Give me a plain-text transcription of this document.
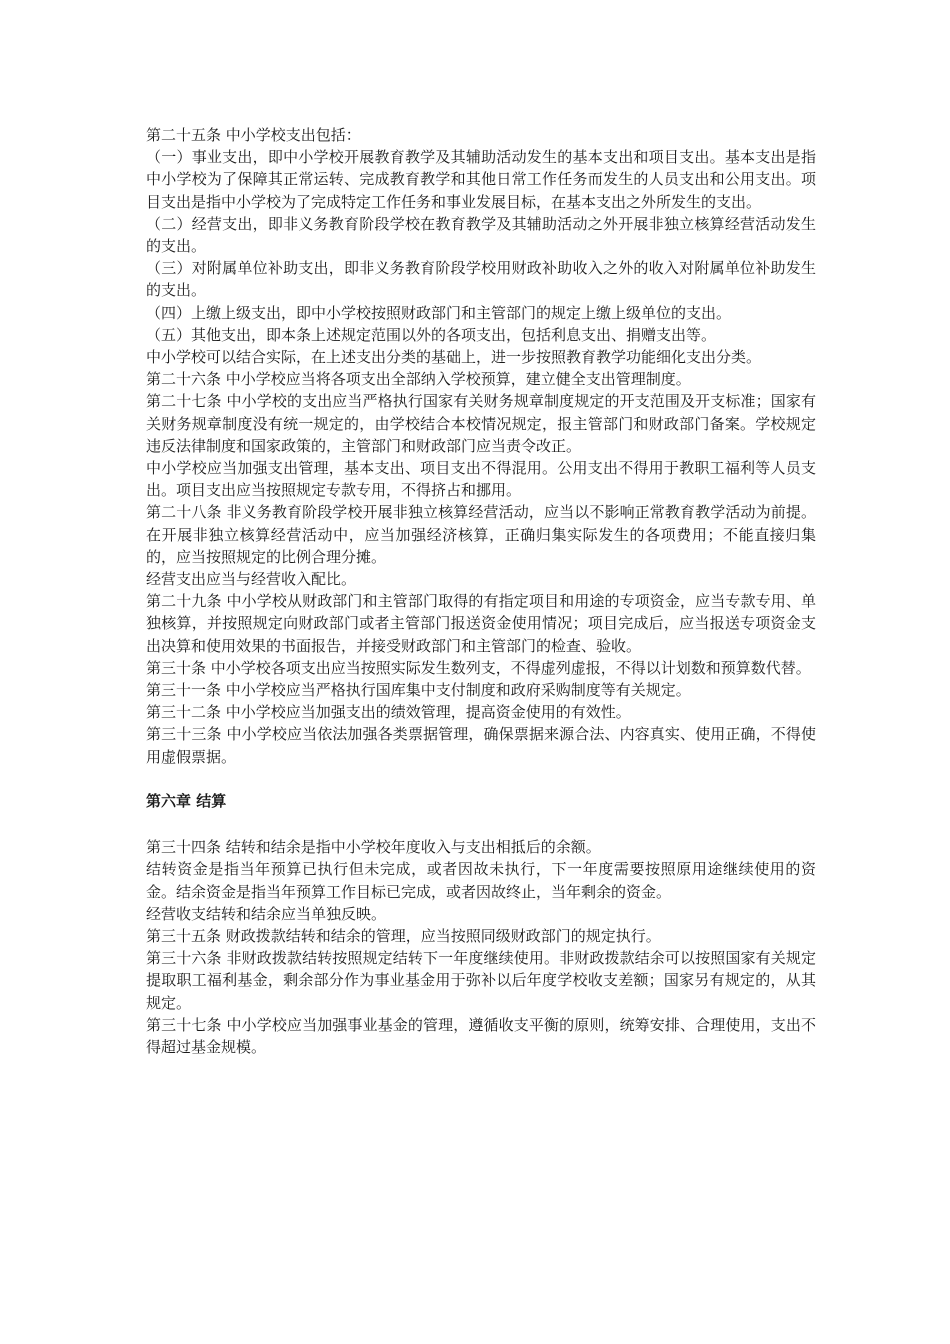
第二十五条 中小学校支出包括：

（一）事业支出，即中小学校开展教育教学及其辅助活动发生的基本支出和项目支出。基本支出是指中小学校为了保障其正常运转、完成教育教学和其他日常工作任务而发生的人员支出和公用支出。项目支出是指中小学校为了完成特定工作任务和事业发展目标，在基本支出之外所发生的支出。

（二）经营支出，即非义务教育阶段学校在教育教学及其辅助活动之外开展非独立核算经营活动发生的支出。

（三）对附属单位补助支出，即非义务教育阶段学校用财政补助收入之外的收入对附属单位补助发生的支出。

（四）上缴上级支出，即中小学校按照财政部门和主管部门的规定上缴上级单位的支出。

（五）其他支出，即本条上述规定范围以外的各项支出，包括利息支出、捐赠支出等。

中小学校可以结合实际，在上述支出分类的基础上，进一步按照教育教学功能细化支出分类。

第二十六条 中小学校应当将各项支出全部纳入学校预算，建立健全支出管理制度。

第二十七条 中小学校的支出应当严格执行国家有关财务规章制度规定的开支范围及开支标准；国家有关财务规章制度没有统一规定的，由学校结合本校情况规定，报主管部门和财政部门备案。学校规定违反法律制度和国家政策的，主管部门和财政部门应当责令改正。

中小学校应当加强支出管理，基本支出、项目支出不得混用。公用支出不得用于教职工福利等人员支出。项目支出应当按照规定专款专用，不得挤占和挪用。

第二十八条 非义务教育阶段学校开展非独立核算经营活动，应当以不影响正常教育教学活动为前提。在开展非独立核算经营活动中，应当加强经济核算，正确归集实际发生的各项费用；不能直接归集的，应当按照规定的比例合理分摊。

经营支出应当与经营收入配比。

第二十九条 中小学校从财政部门和主管部门取得的有指定项目和用途的专项资金，应当专款专用、单独核算，并按照规定向财政部门或者主管部门报送资金使用情况；项目完成后，应当报送专项资金支出决算和使用效果的书面报告，并接受财政部门和主管部门的检查、验收。

第三十条 中小学校各项支出应当按照实际发生数列支，不得虚列虚报，不得以计划数和预算数代替。

第三十一条 中小学校应当严格执行国库集中支付制度和政府采购制度等有关规定。

第三十二条 中小学校应当加强支出的绩效管理，提高资金使用的有效性。

第三十三条 中小学校应当依法加强各类票据管理，确保票据来源合法、内容真实、使用正确，不得使用虚假票据。

第六章 结算

第三十四条 结转和结余是指中小学校年度收入与支出相抵后的余额。

结转资金是指当年预算已执行但未完成，或者因故未执行，下一年度需要按照原用途继续使用的资金。结余资金是指当年预算工作目标已完成，或者因故终止，当年剩余的资金。

经营收支结转和结余应当单独反映。

第三十五条 财政拨款结转和结余的管理，应当按照同级财政部门的规定执行。

第三十六条 非财政拨款结转按照规定结转下一年度继续使用。非财政拨款结余可以按照国家有关规定提取职工福利基金，剩余部分作为事业基金用于弥补以后年度学校收支差额；国家另有规定的，从其规定。

第三十七条 中小学校应当加强事业基金的管理，遵循收支平衡的原则，统筹安排、合理使用，支出不得超过基金规模。
